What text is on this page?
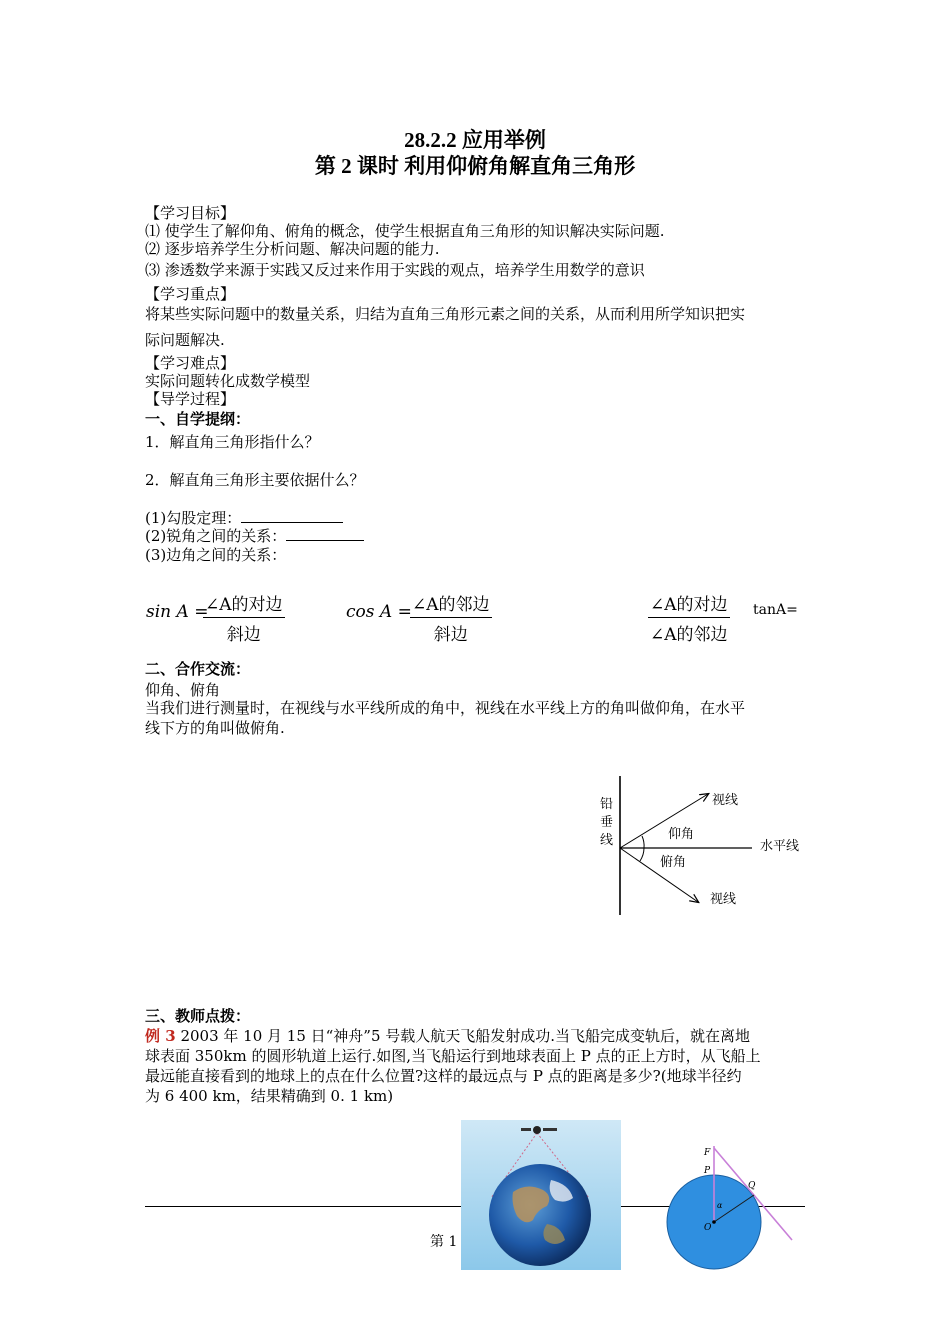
28.2.2 应用举例
第 2 课时 利用仰俯角解直角三角形
【学习目标】
⑴ 使学生了解仰角、俯角的概念，使学生根据直角三角形的知识解决实际问题.
⑵ 逐步培养学生分析问题、解决问题的能力.
⑶ 渗透数学来源于实践又反过来作用于实践的观点，培养学生用数学的意识
【学习重点】
将某些实际问题中的数量关系，归结为直角三角形元素之间的关系，从而利用所学知识把实
际问题解决.
【学习难点】
实际问题转化成数学模型
【导学过程】
一、自学提纲：
1．解直角三角形指什么？
2．解直角三角形主要依据什么？
(1)勾股定理：
(2)锐角之间的关系：
(3)边角之间的关系：
sin A =
∠A的对边
斜边
cos A = ∠A的邻边
斜边
∠A的对边
∠A的邻边
tanA=
二、合作交流：
仰角、俯角
当我们进行测量时，在视线与水平线所成的角中，视线在水平线上方的角叫做仰角，在水平
线下方的角叫做俯角.
铅
垂
线
视线
视线
水平线
仰角
俯角
三、教师点拨：
例 3 2003 年 10 月 15 日“神舟”5 号载人航天飞船发射成功.当飞船完成变轨后，就在离地
球表面 350km 的圆形轨道上运行.如图,当飞船运行到地球表面上 P 点的正上方时，从飞船上
最远能直接看到的地球上的点在什么位置?这样的最远点与 P 点的距离是多少?(地球半径约
为 6 400 km，结果精确到 0. 1 km)
第 1
F
P
Q
O
α
